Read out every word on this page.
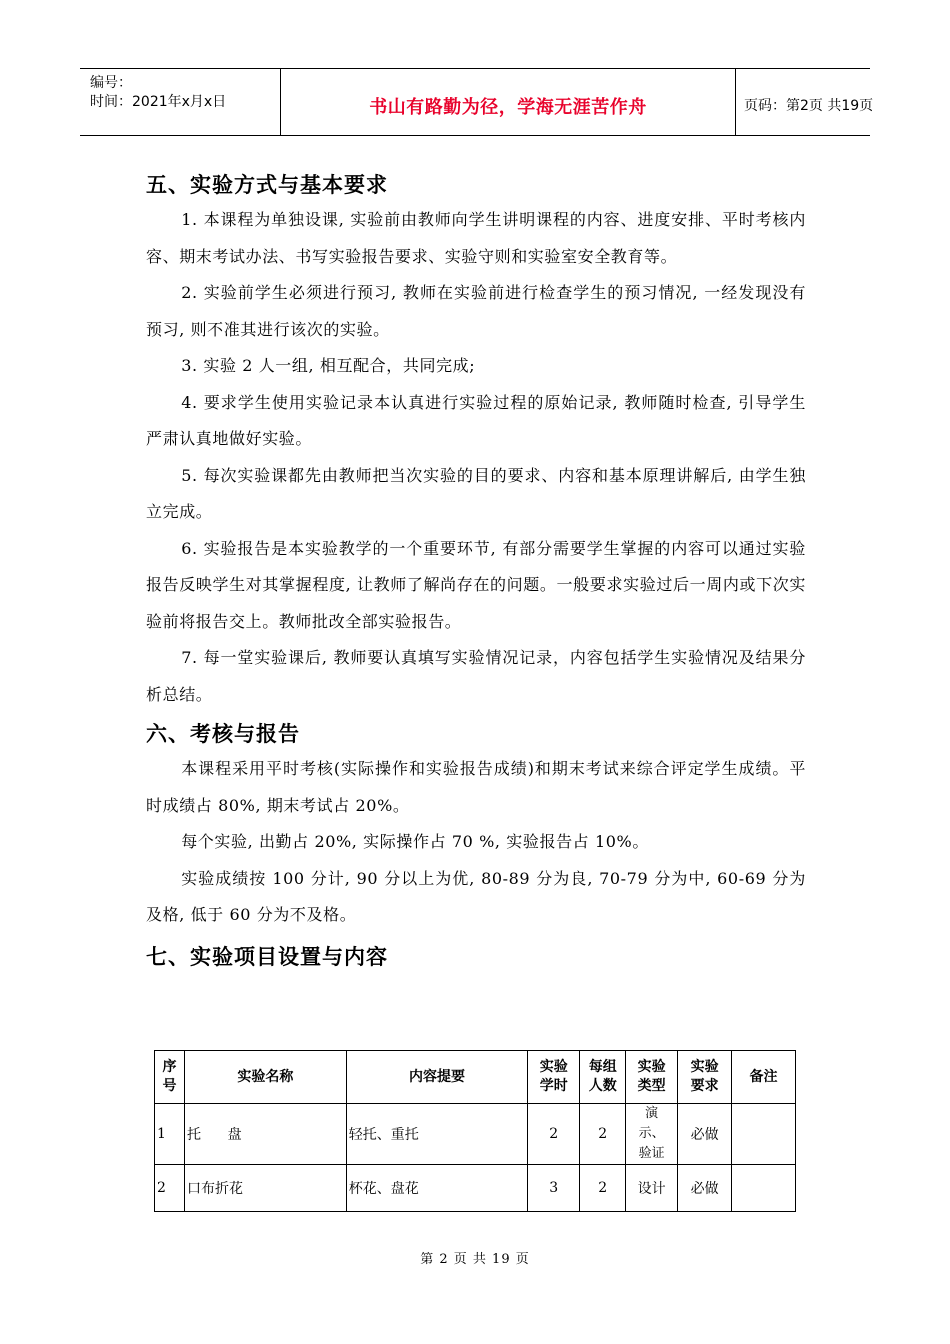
编号：
时间：2021年x月x日	书山有路勤为径，学海无涯苦作舟	页码：第2页 共19页
五、实验方式与基本要求

1. 本课程为单独设课, 实验前由教师向学生讲明课程的内容、进度安排、平时考核内容、期末考试办法、书写实验报告要求、实验守则和实验室安全教育等。

2. 实验前学生必须进行预习, 教师在实验前进行检查学生的预习情况, 一经发现没有预习, 则不准其进行该次的实验。

3. 实验 2 人一组, 相互配合，共同完成;

4. 要求学生使用实验记录本认真进行实验过程的原始记录, 教师随时检查, 引导学生严肃认真地做好实验。

5. 每次实验课都先由教师把当次实验的目的要求、内容和基本原理讲解后, 由学生独立完成。

6. 实验报告是本实验教学的一个重要环节, 有部分需要学生掌握的内容可以通过实验报告反映学生对其掌握程度, 让教师了解尚存在的问题。一般要求实验过后一周内或下次实验前将报告交上。教师批改全部实验报告。

7. 每一堂实验课后, 教师要认真填写实验情况记录，内容包括学生实验情况及结果分析总结。

六、考核与报告

本课程采用平时考核(实际操作和实验报告成绩)和期末考试来综合评定学生成绩。平时成绩占 80%, 期末考试占 20%。

每个实验, 出勤占 20%, 实际操作占 70 %, 实验报告占 10%。

实验成绩按 100 分计, 90 分以上为优, 80-89 分为良, 70-79 分为中, 60-69 分为及格, 低于 60 分为不及格。

七、实验项目设置与内容
序号	实验名称	内容提要	实验学时	每组人数	实验类型	实验要求	备注
1	托      盘	轻托、重托	2	2	演示、验证	必做	
2	口布折花	杯花、盘花	3	2	设计	必做	
第 2 页 共 19 页
